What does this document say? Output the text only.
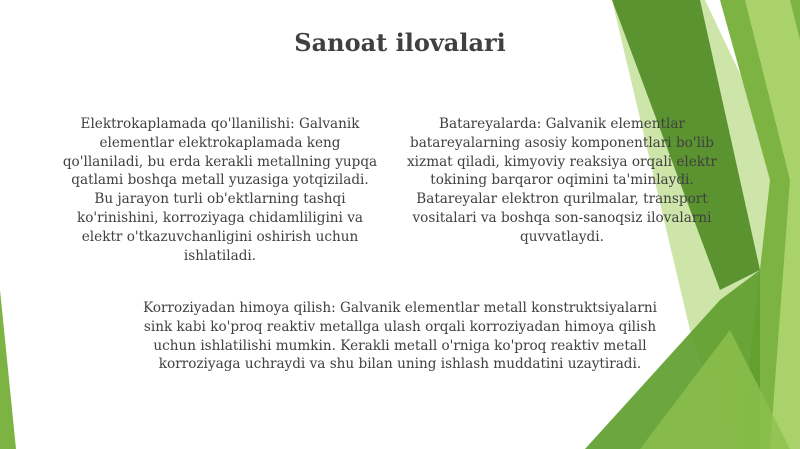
Sanoat ilovalari
Elektrokaplamada qo'llanilishi: Galvanik elementlar elektrokaplamada keng qo'llaniladi, bu erda kerakli metallning yupqa qatlami boshqa metall yuzasiga yotqiziladi. Bu jarayon turli ob'ektlarning tashqi ko'rinishini, korroziyaga chidamliligini va elektr o'tkazuvchanligini oshirish uchun ishlatiladi.
Batareyalarda: Galvanik elementlar batareyalarning asosiy komponentlari bo'lib xizmat qiladi, kimyoviy reaksiya orqali elektr tokining barqaror oqimini ta'minlaydi. Batareyalar elektron qurilmalar, transport vositalari va boshqa son-sanoqsiz ilovalarni quvvatlaydi.
Korroziyadan himoya qilish: Galvanik elementlar metall konstruktsiyalarni sink kabi ko'proq reaktiv metallga ulash orqali korroziyadan himoya qilish uchun ishlatilishi mumkin. Kerakli metall o'rniga ko'proq reaktiv metall korroziyaga uchraydi va shu bilan uning ishlash muddatini uzaytiradi.
